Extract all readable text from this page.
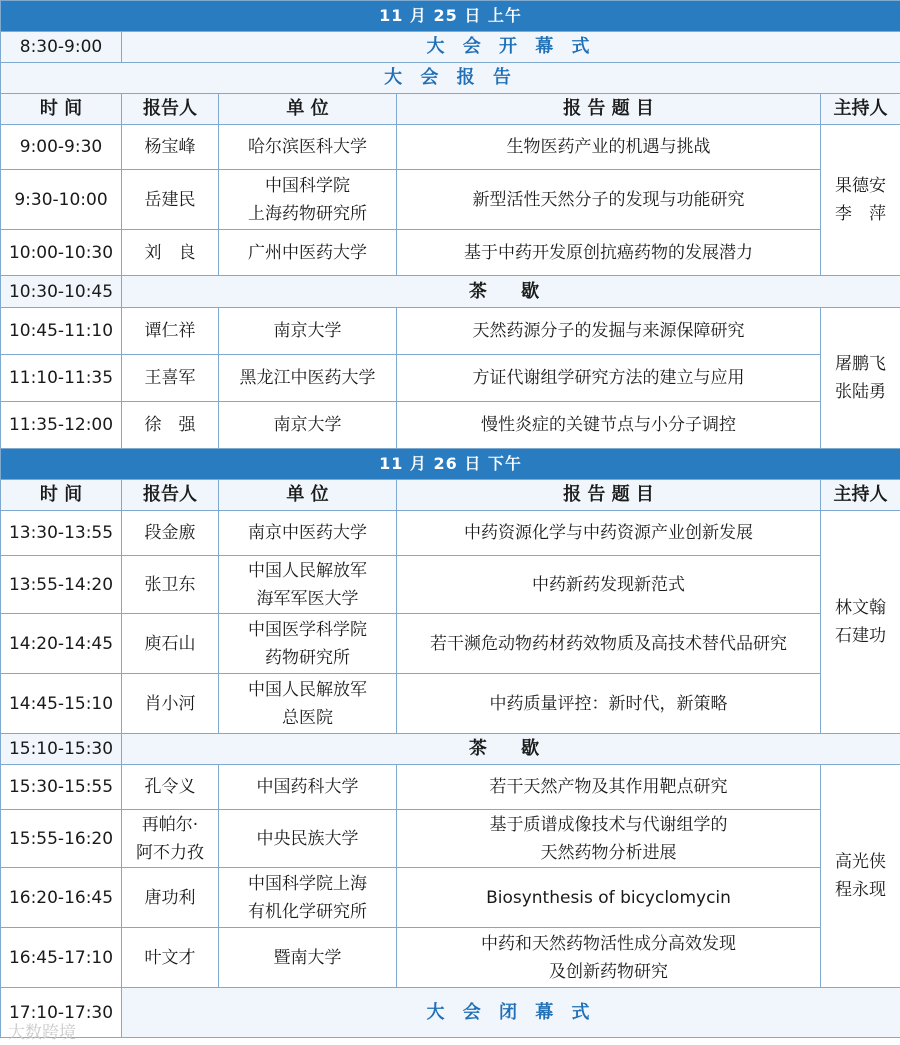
11 月 25 日 上午				
8:30-9:00	大 会 开 幕 式			
大 会 报 告				
时 间	报告人	单 位	报 告 题 目	主持人
9:00-9:30	杨宝峰	哈尔滨医科大学	生物医药产业的机遇与挑战	果德安
李　萍

9:30-10:00	岳建民	中国科学院
上海药物研究所	新型活性天然分子的发现与功能研究	
10:00-10:30	刘　良	广州中医药大学	基于中药开发原创抗癌药物的发展潜力	
10:30-10:45	茶 歇			
10:45-11:10	谭仁祥	南京大学	天然药源分子的发掘与来源保障研究	屠鹏飞
张陆勇

11:10-11:35	王喜军	黑龙江中医药大学	方证代谢组学研究方法的建立与应用	
11:35-12:00	徐　强	南京大学	慢性炎症的关键节点与小分子调控	
11 月 26 日 下午				
时 间	报告人	单 位	报 告 题 目	主持人
13:30-13:55	段金廒	南京中医药大学	中药资源化学与中药资源产业创新发展	林文翰
石建功

13:55-14:20	张卫东	中国人民解放军
海军军医大学	中药新药发现新范式	
14:20-14:45	庾石山	中国医学科学院
药物研究所	若干濒危动物药材药效物质及高技术替代品研究	
14:45-15:10	肖小河	中国人民解放军
总医院	中药质量评控：新时代，新策略	
15:10-15:30	茶 歇			
15:30-15:55	孔令义	中国药科大学	若干天然产物及其作用靶点研究	高光侠
程永现

15:55-16:20	再帕尔·
阿不力孜	中央民族大学	基于质谱成像技术与代谢组学的
天然药物分析进展	

16:20-16:45	唐功利	中国科学院上海
有机化学研究所	Biosynthesis of bicyclomycin	
16:45-17:10	叶文才	暨南大学	中药和天然药物活性成分高效发现
及创新药物研究	

17:10-17:30	大 会 闭 幕 式			
大数跨境
